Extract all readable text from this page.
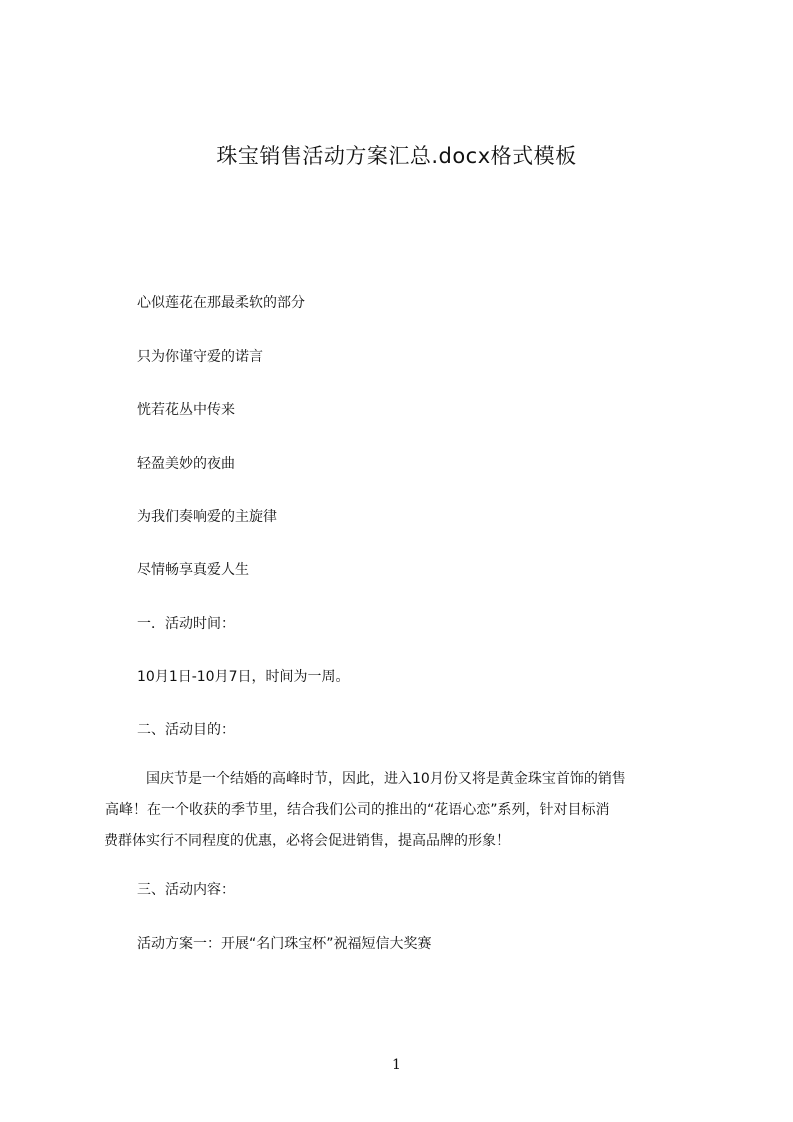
珠宝销售活动方案汇总.docx格式模板
心似莲花在那最柔软的部分
只为你谨守爱的诺言
恍若花丛中传来
轻盈美妙的夜曲
为我们奏响爱的主旋律
尽情畅享真爱人生
一．活动时间：
10月1日-10月7日，时间为一周。
二、活动目的：
　国庆节是一个结婚的高峰时节，因此，进入10月份又将是黄金珠宝首饰的销售
高峰！在一个收获的季节里，结合我们公司的推出的“花语心恋”系列，针对目标消
费群体实行不同程度的优惠，必将会促进销售，提高品牌的形象！
三、活动内容：
活动方案一：开展“名门珠宝杯”祝福短信大奖赛
1
